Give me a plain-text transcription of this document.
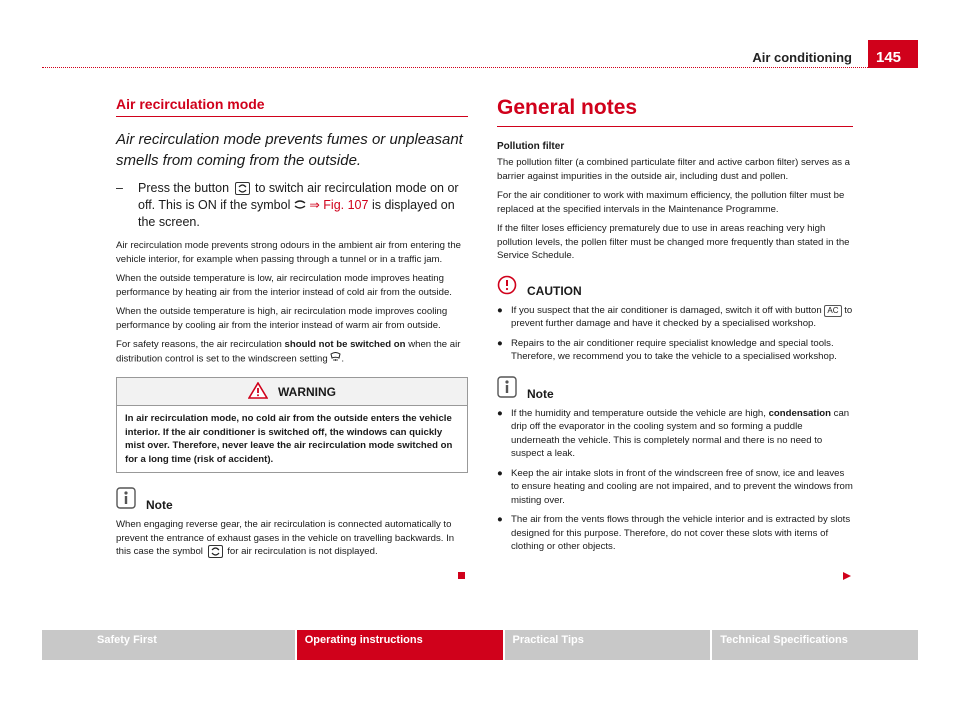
Air conditioning	145
Air recirculation mode
Air recirculation mode prevents fumes or unpleasant smells from coming from the outside.
–	Press the button to switch air recirculation mode on or off. This is ON if the symbol ⇒ Fig. 107 is displayed on the screen.

Air recirculation mode prevents strong odours in the ambient air from entering the vehicle interior, for example when passing through a tunnel or in a traffic jam.

When the outside temperature is low, air recirculation mode improves heating performance by heating air from the interior instead of cold air from the outside.

When the outside temperature is high, air recirculation mode improves cooling performance by cooling air from the interior instead of warm air from outside.

For safety reasons, the air recirculation should not be switched on when the air distribution control is set to the windscreen setting .

WARNING
In air recirculation mode, no cold air from the outside enters the vehicle interior. If the air conditioner is switched off, the windows can quickly mist over. Therefore, never leave the air recirculation mode switched on for a long time (risk of accident).
Note

When engaging reverse gear, the air recirculation is connected automatically to prevent the entrance of exhaust gases in the vehicle on travelling backwards. In this case the symbol	for air recirculation is not displayed.

General notes
Pollution filter

The pollution filter (a combined particulate filter and active carbon filter) serves as a barrier against impurities in the outside air, including dust and pollen.

For the air conditioner to work with maximum efficiency, the pollution filter must be replaced at the specified intervals in the Maintenance Programme.

If the filter loses efficiency prematurely due to use in areas reaching very high pollution levels, the pollen filter must be changed more frequently than stated in the Service Schedule.

CAUTION
● If you suspect that the air conditioner is damaged, switch it off with button AC to prevent further damage and have it checked by a specialised workshop.
● Repairs to the air conditioner require specialist knowledge and special tools. Therefore, we recommend you to take the vehicle to a specialised workshop.
Note
● If the humidity and temperature outside the vehicle are high, condensation can drip off the evaporator in the cooling system and so forming a puddle underneath the vehicle. This is completely normal and there is no need to suspect a leak.
● Keep the air intake slots in front of the windscreen free of snow, ice and leaves to ensure heating and cooling are not impaired, and to prevent the windows from misting over.
● The air from the vents flows through the vehicle interior and is extracted by slots designed for this purpose. Therefore, do not cover these slots with items of clothing or other objects.
Safety First	Operating instructions	Practical Tips	Technical Specifications
